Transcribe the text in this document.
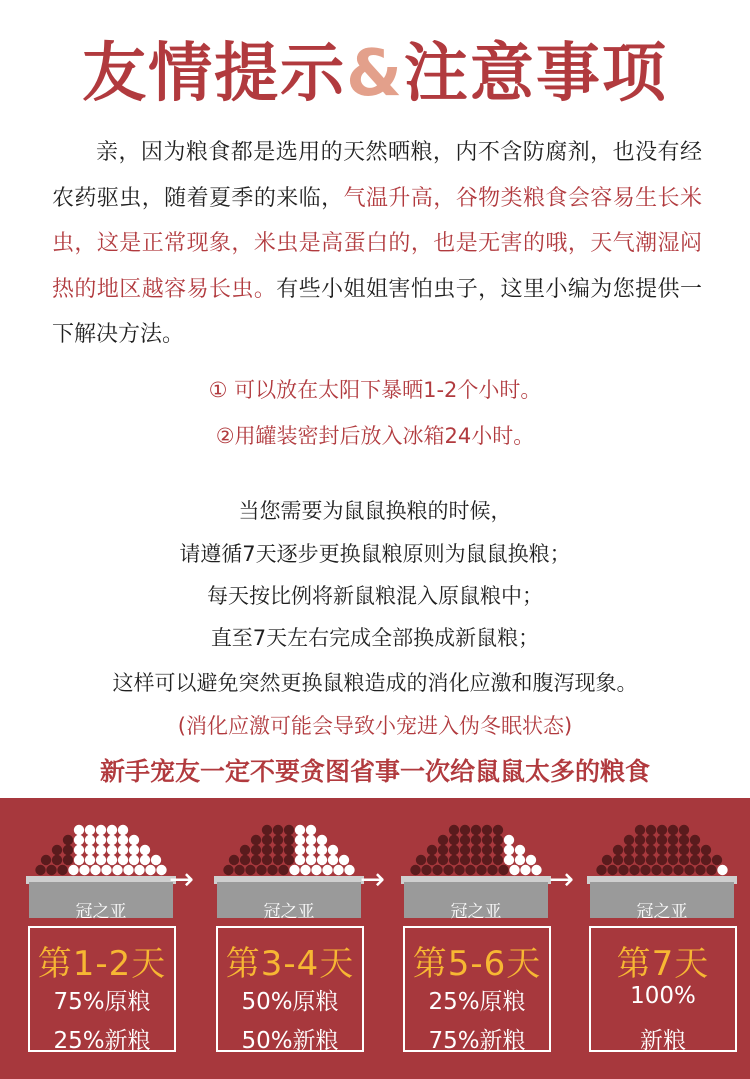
友情提示&注意事项

亲，因为粮食都是选用的天然晒粮，内不含防腐剂，也没有经农药驱虫，随着夏季的来临，气温升高，谷物类粮食会容易生长米虫，这是正常现象，米虫是高蛋白的，也是无害的哦，天气潮湿闷热的地区越容易长虫。有些小姐姐害怕虫子，这里小编为您提供一下解决方法。

① 可以放在太阳下暴晒1-2个小时。
②用罐装密封后放入冰箱24小时。
当您需要为鼠鼠换粮的时候，
请遵循7天逐步更换鼠粮原则为鼠鼠换粮；
每天按比例将新鼠粮混入原鼠粮中；
直至7天左右完成全部换成新鼠粮；
这样可以避免突然更换鼠粮造成的消化应激和腹泻现象。
(消化应激可能会导致小宠进入伪冬眠状态)
新手宠友一定不要贪图省事一次给鼠鼠太多的粮食
冠之亚
第1-2天
75%原粮
25%新粮
→
冠之亚
第3-4天
50%原粮
50%新粮
→
冠之亚
第5-6天
25%原粮
75%新粮
→
冠之亚
第7天
100%
新粮
